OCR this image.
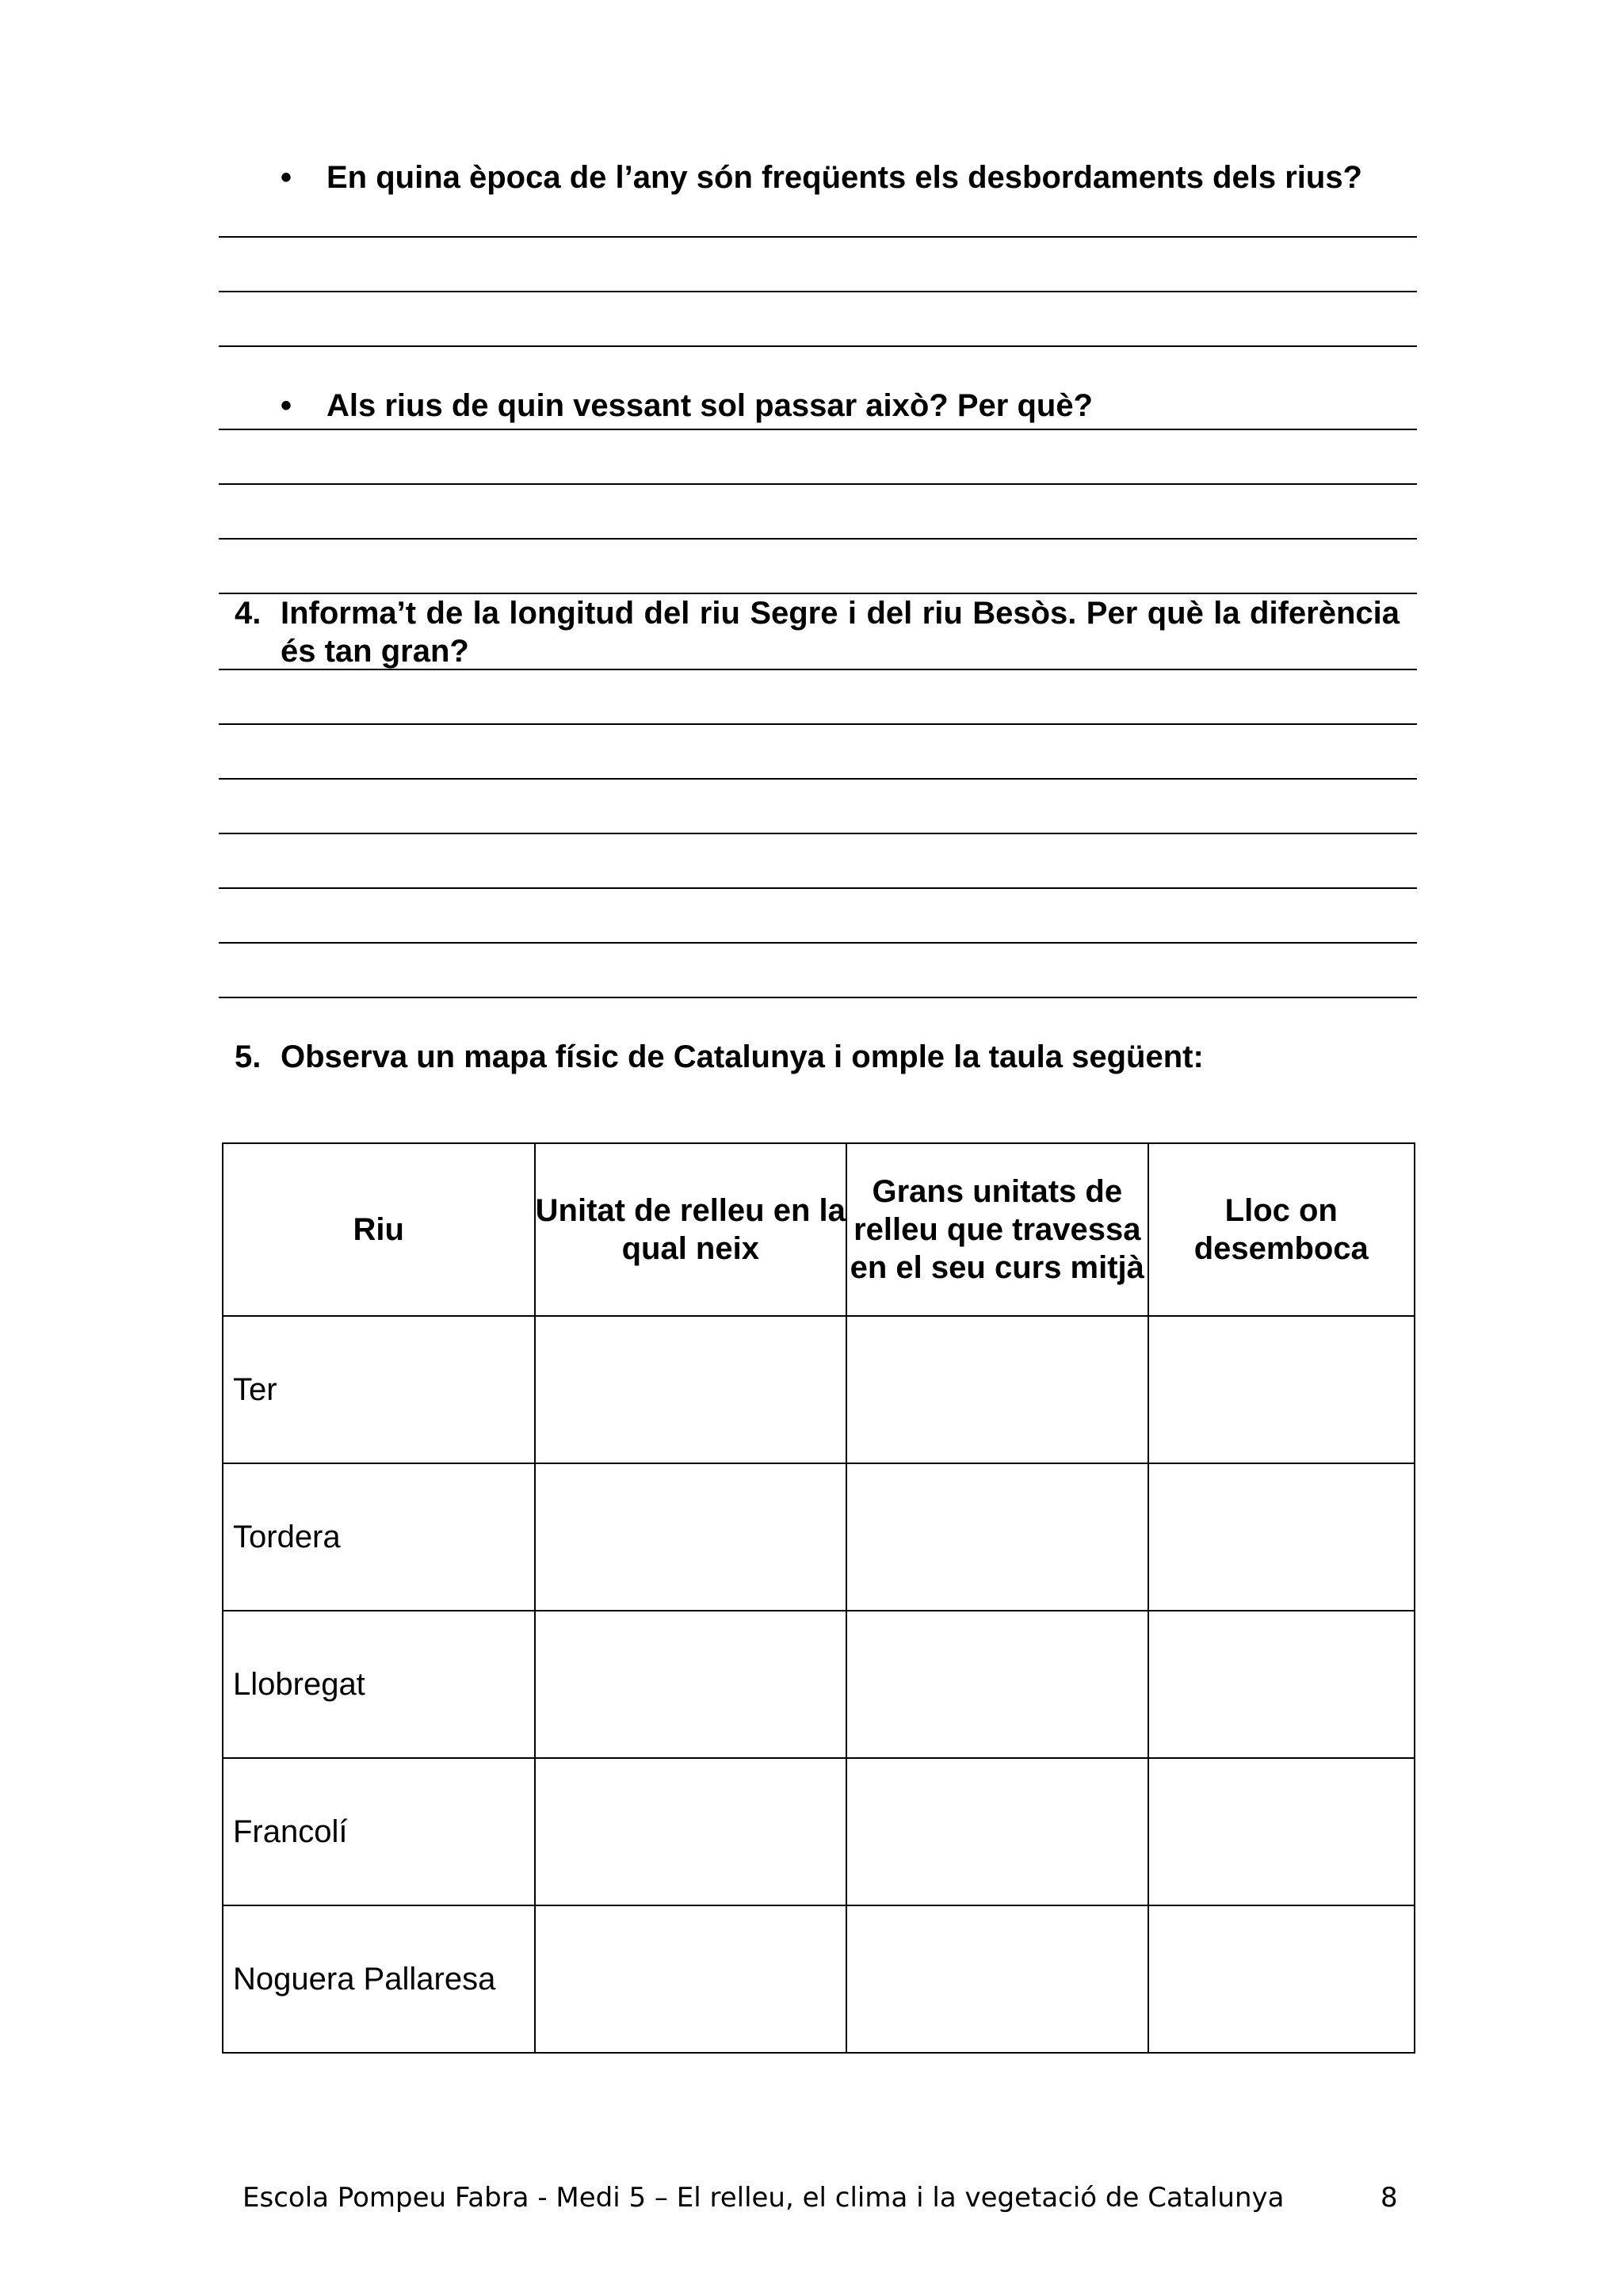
• En quina època de l’any són freqüents els desbordaments dels rius?
• Als rius de quin vessant sol passar això? Per què?
4. Informa’t de la longitud del riu Segre i del riu Besòs. Per què la diferència és tan gran?
5. Observa un mapa físic de Catalunya i omple la taula següent:
Riu	Unitat de relleu en la qual neix	Grans unitats de relleu que travessa en el seu curs mitjà	Lloc on desemboca
Ter			
Tordera			
Llobregat			
Francolí			
Noguera Pallaresa			
Escola Pompeu Fabra - Medi 5 – El relleu, el clima i la vegetació de Catalunya	8
